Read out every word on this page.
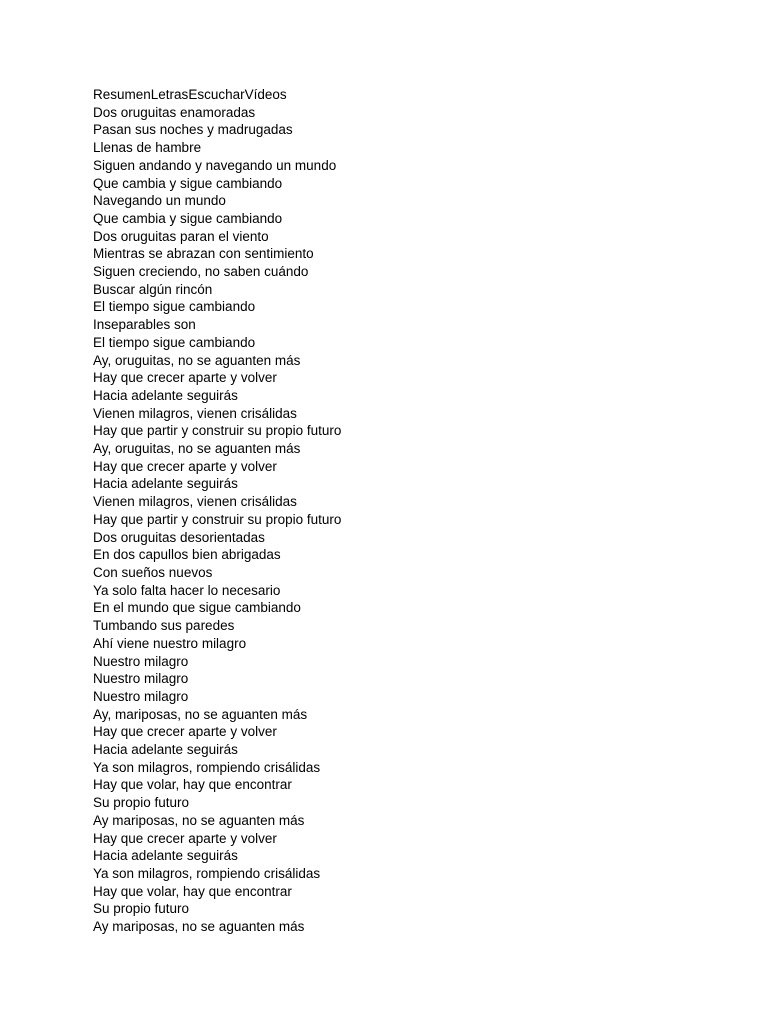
ResumenLetrasEscucharVídeos
Dos oruguitas enamoradas
Pasan sus noches y madrugadas
Llenas de hambre
Siguen andando y navegando un mundo
Que cambia y sigue cambiando
Navegando un mundo
Que cambia y sigue cambiando
Dos oruguitas paran el viento
Mientras se abrazan con sentimiento
Siguen creciendo, no saben cuándo
Buscar algún rincón
El tiempo sigue cambiando
Inseparables son
El tiempo sigue cambiando
Ay, oruguitas, no se aguanten más
Hay que crecer aparte y volver
Hacia adelante seguirás
Vienen milagros, vienen crisálidas
Hay que partir y construir su propio futuro
Ay, oruguitas, no se aguanten más
Hay que crecer aparte y volver
Hacia adelante seguirás
Vienen milagros, vienen crisálidas
Hay que partir y construir su propio futuro
Dos oruguitas desorientadas
En dos capullos bien abrigadas
Con sueños nuevos
Ya solo falta hacer lo necesario
En el mundo que sigue cambiando
Tumbando sus paredes
Ahí viene nuestro milagro
Nuestro milagro
Nuestro milagro
Nuestro milagro
Ay, mariposas, no se aguanten más
Hay que crecer aparte y volver
Hacia adelante seguirás
Ya son milagros, rompiendo crisálidas
Hay que volar, hay que encontrar
Su propio futuro
Ay mariposas, no se aguanten más
Hay que crecer aparte y volver
Hacia adelante seguirás
Ya son milagros, rompiendo crisálidas
Hay que volar, hay que encontrar
Su propio futuro
Ay mariposas, no se aguanten más
